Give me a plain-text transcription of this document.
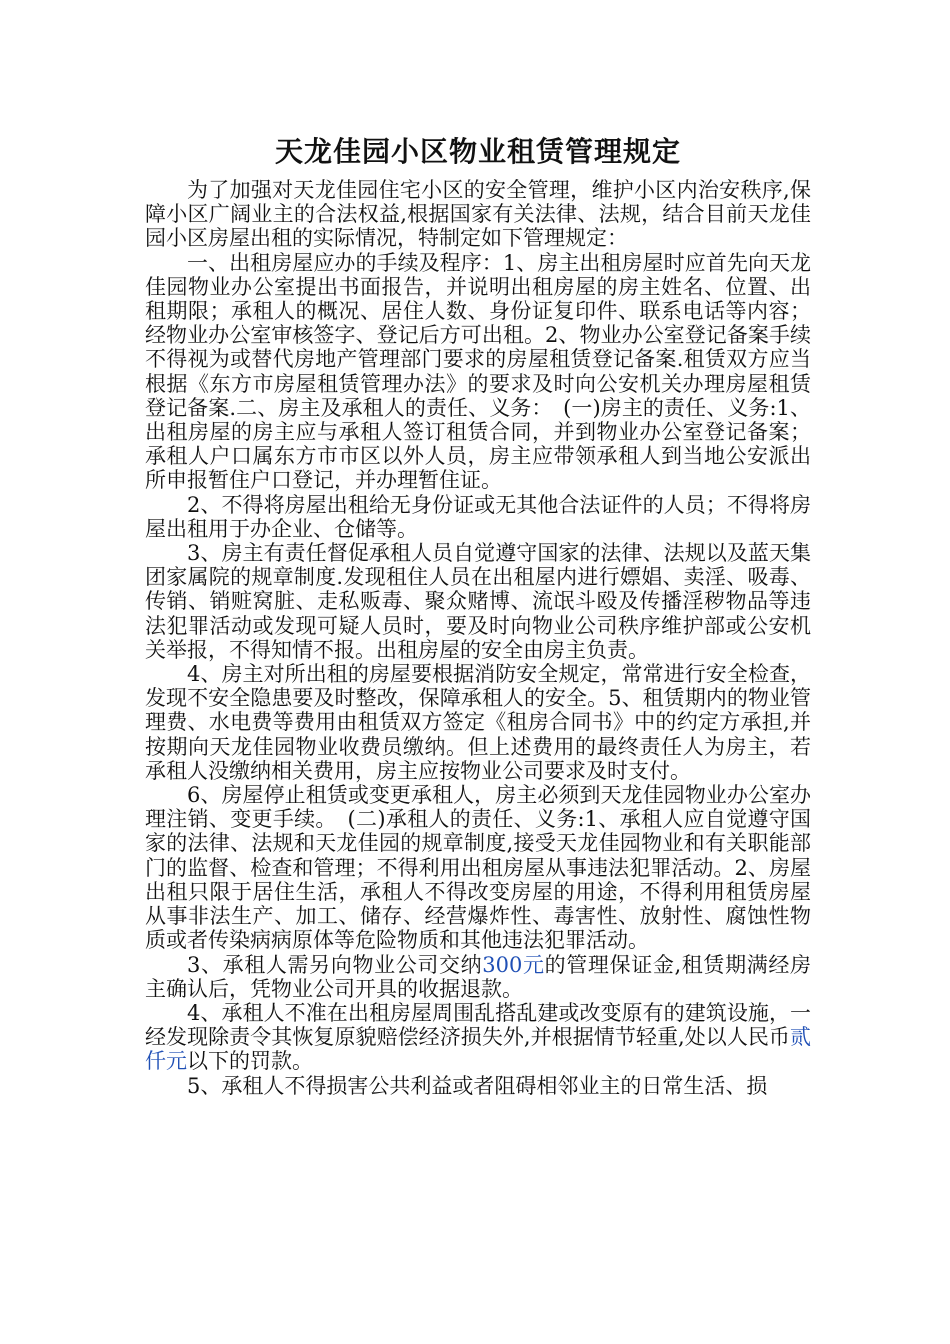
天龙佳园小区物业租赁管理规定

为了加强对天龙佳园住宅小区的安全管理，维护小区内治安秩序,保障小区广阔业主的合法权益,根据国家有关法律、法规，结合目前天龙佳园小区房屋出租的实际情况，特制定如下管理规定：

一、出租房屋应办的手续及程序：1、房主出租房屋时应首先向天龙佳园物业办公室提出书面报告，并说明出租房屋的房主姓名、位置、出租期限；承租人的概况、居住人数、身份证复印件、联系电话等内容；经物业办公室审核签字、登记后方可出租。2、物业办公室登记备案手续不得视为或替代房地产管理部门要求的房屋租赁登记备案.租赁双方应当根据《东方市房屋租赁管理办法》的要求及时向公安机关办理房屋租赁登记备案.二、房主及承租人的责任、义务：　(一)房主的责任、义务:1、出租房屋的房主应与承租人签订租赁合同，并到物业办公室登记备案；承租人户口属东方市市区以外人员，房主应带领承租人到当地公安派出所申报暂住户口登记，并办理暂住证。

2、不得将房屋出租给无身份证或无其他合法证件的人员；不得将房屋出租用于办企业、仓储等。

3、房主有责任督促承租人员自觉遵守国家的法律、法规以及蓝天集团家属院的规章制度.发现租住人员在出租屋内进行嫖娼、卖淫、吸毒、传销、销赃窝脏、走私贩毒、聚众赌博、流氓斗殴及传播淫秽物品等违法犯罪活动或发现可疑人员时，要及时向物业公司秩序维护部或公安机关举报，不得知情不报。出租房屋的安全由房主负责。

4、房主对所出租的房屋要根据消防安全规定，常常进行安全检查，发现不安全隐患要及时整改，保障承租人的安全。5、租赁期内的物业管理费、水电费等费用由租赁双方签定《租房合同书》中的约定方承担,并按期向天龙佳园物业收费员缴纳。但上述费用的最终责任人为房主，若承租人没缴纳相关费用，房主应按物业公司要求及时支付。

6、房屋停止租赁或变更承租人，房主必须到天龙佳园物业办公室办理注销、变更手续。　(二)承租人的责任、义务:1、承租人应自觉遵守国家的法律、法规和天龙佳园的规章制度,接受天龙佳园物业和有关职能部门的监督、检查和管理；不得利用出租房屋从事违法犯罪活动。2、房屋出租只限于居住生活，承租人不得改变房屋的用途，不得利用租赁房屋从事非法生产、加工、储存、经营爆炸性、毒害性、放射性、腐蚀性物质或者传染病病原体等危险物质和其他违法犯罪活动。

3、承租人需另向物业公司交纳300元的管理保证金,租赁期满经房主确认后，凭物业公司开具的收据退款。

4、承租人不准在出租房屋周围乱搭乱建或改变原有的建筑设施，一经发现除责令其恢复原貌赔偿经济损失外,并根据情节轻重,处以人民币贰仟元以下的罚款。

5、承租人不得损害公共利益或者阻碍相邻业主的日常生活、损
